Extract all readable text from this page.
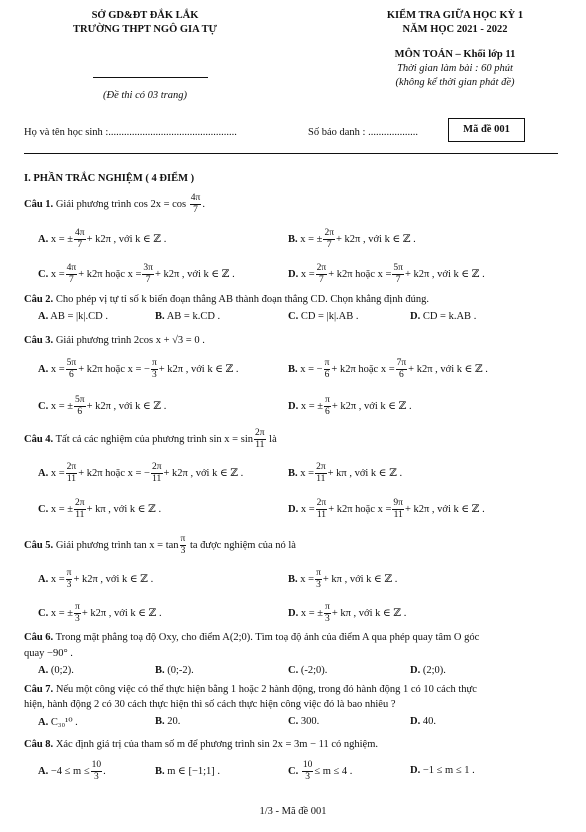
SỞ GD&ĐT ĐẮK LẮK
TRƯỜNG THPT NGÔ GIA TỰ
(Đề thi có 03 trang)
KIỂM TRA GIỮA HỌC KỲ 1
NĂM HỌC 2021 - 2022
MÔN TOÁN – Khối lớp 11
Thời gian làm bài : 60 phút
(không kể thời gian phát đề)
Họ và tên học sinh :.................................................	Số báo danh : ...................	Mã đề 001
I. PHẦN TRẮC NGHIỆM ( 4 ĐIỂM )
Câu 1. Giải phương trình $\cos 2x = \cos \frac{4\pi}{7}$ .
A. x = ± $\frac{4\pi}{7} + k2\pi$ , với k ∈ ℤ .	B. x = ± $\frac{2\pi}{7} + k2\pi$ , với k ∈ ℤ .
C. $x = \frac{4\pi}{7} + k2\pi$ hoặc $x = \frac{3\pi}{7} + k2\pi$ , với k ∈ ℤ .	D. $x = \frac{2\pi}{7} + k2\pi$ hoặc $x = \frac{5\pi}{7} + k2\pi$ , với k ∈ ℤ .
Câu 2. Cho phép vị tự tỉ số k biến đoạn thẳng AB thành đoạn thẳng CD. Chọn khẳng định đúng.
A. AB = |k|.CD .	B. AB = k.CD .	C. CD = |k|.AB .	D. CD = k.AB .
Câu 3. Giải phương trình 2cos x + √3 = 0 .
A. $x = \frac{5\pi}{6} + k2\pi$ hoặc x = − $\frac{\pi}{3} + k2\pi$ , với k ∈ ℤ .	B. x = − $\frac{\pi}{6} + k2\pi$ hoặc $x = \frac{7\pi}{6} + k2\pi$ , với k ∈ ℤ .
C. x = ± $\frac{5\pi}{6} + k2\pi$ , với k ∈ ℤ .	D. x = ± $\frac{\pi}{6} + k2\pi$ , với k ∈ ℤ .
Câu 4. Tất cả các nghiệm của phương trình $\sin x = \sin \frac{2\pi}{11}$ là
A. $x = \frac{2\pi}{11} + k2\pi$ hoặc x = − $\frac{2\pi}{11} + k2\pi$ , với k ∈ ℤ .	B. $x = \frac{2\pi}{11} + k\pi$ , với k ∈ ℤ .
C. x = ± $\frac{2\pi}{11} + k\pi$ , với k ∈ ℤ .	D. $x = \frac{2\pi}{11} + k2\pi$ hoặc $x = \frac{9\pi}{11} + k2\pi$ , với k ∈ ℤ .
Câu 5. Giải phương trình $\tan x = \tan \frac{\pi}{3}$ ta được nghiệm của nó là
A. $x = \frac{\pi}{3} + k2\pi$ , với k ∈ ℤ .	B. $x = \frac{\pi}{3} + k\pi$ , với k ∈ ℤ .
C. x = ± $\frac{\pi}{3} + k2\pi$ , với k ∈ ℤ .	D. x = ± $\frac{\pi}{3} + k\pi$ , với k ∈ ℤ .
Câu 6. Trong mặt phẳng toạ độ Oxy, cho điểm A(2;0). Tìm toạ độ ảnh của điểm A qua phép quay tâm O góc
quay −90° .
A. (0;2).	B. (0;-2).	C. (-2;0).	D. (2;0).
Câu 7. Nếu một công việc có thể thực hiện bằng 1 hoặc 2 hành động, trong đó hành động 1 có 10 cách thực
hiện, hành động 2 có 30 cách thực hiện thì số cách thực hiện công việc đó là bao nhiêu ?
A. C₃₀¹⁰ .	B. 20.	C. 300.	D. 40.
Câu 8. Xác định giá trị của tham số m để phương trình sin 2x = 3m − 11 có nghiệm.
A. $-4 \le m \le \frac{10}{3}$ .	B. m ∈ [−1;1] .	C. $\frac{10}{3} \le m \le 4$ .	D. −1 ≤ m ≤ 1 .
1/3 - Mã đề 001
